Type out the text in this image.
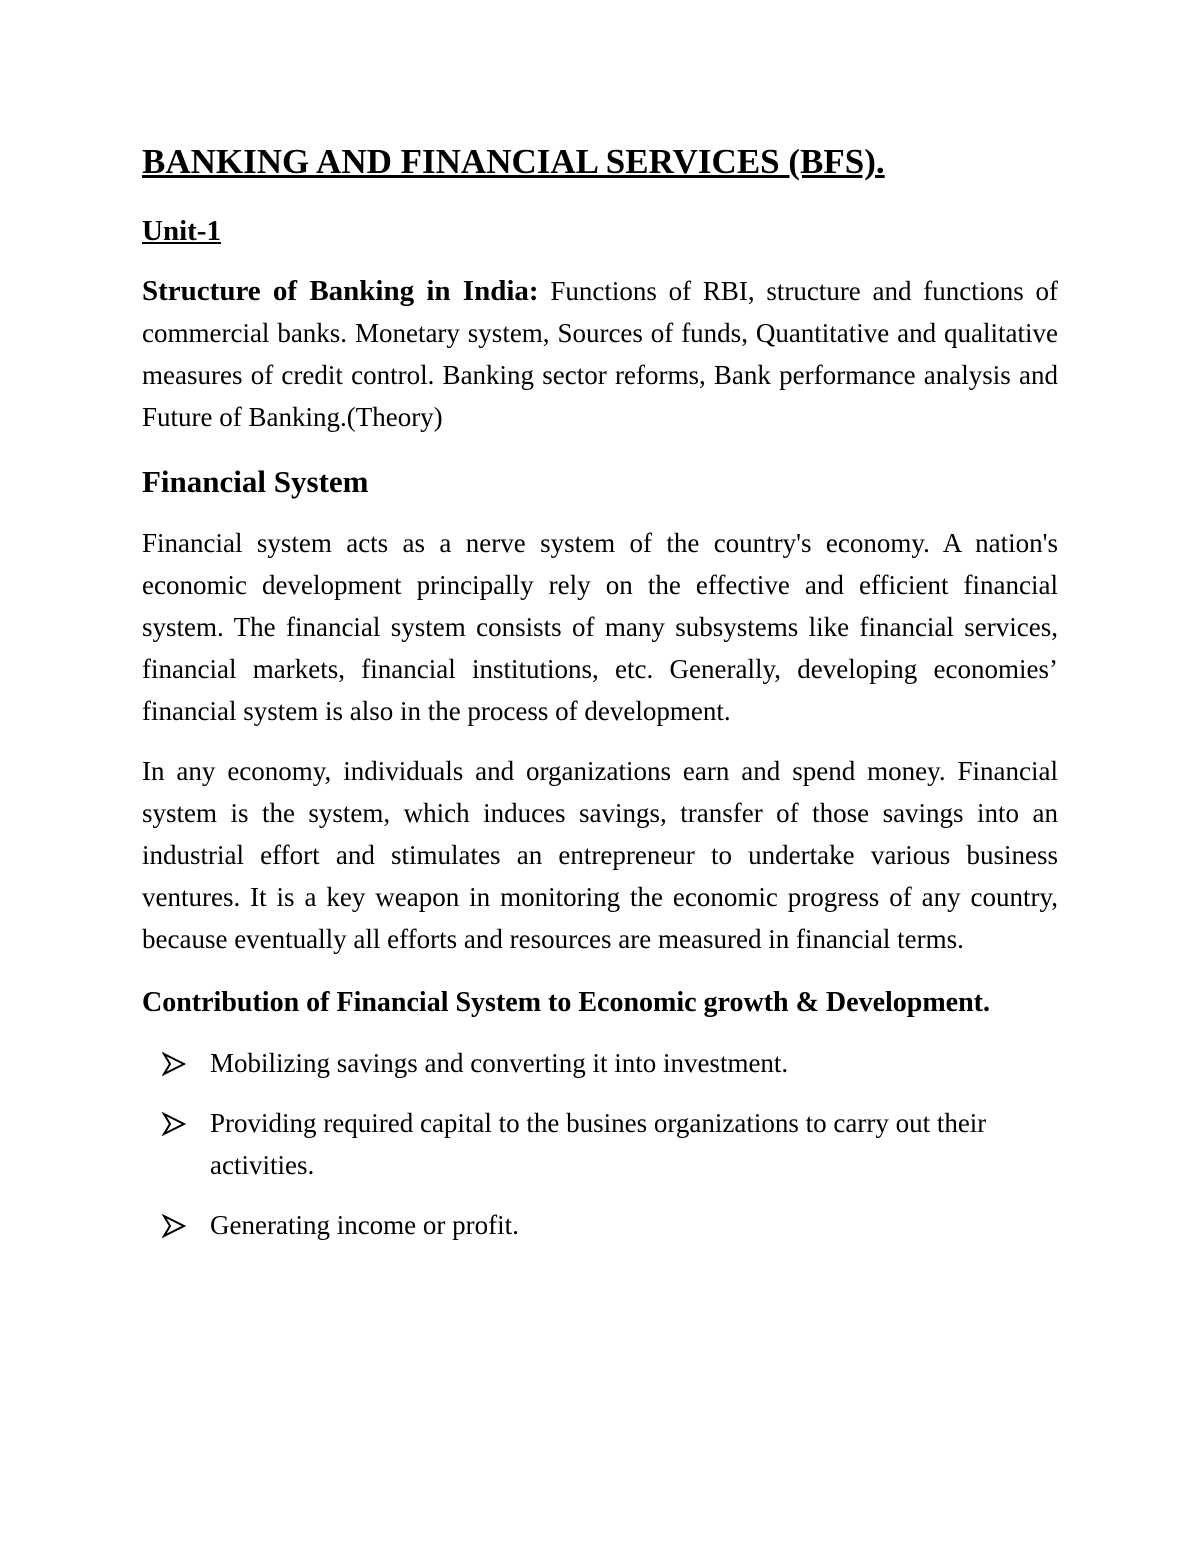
BANKING AND FINANCIAL SERVICES (BFS).
Unit-1

Structure of Banking in India: Functions of RBI, structure and functions of commercial banks. Monetary system, Sources of funds, Quantitative and qualitative measures of credit control. Banking sector reforms, Bank performance analysis and Future of Banking.(Theory)

Financial System

Financial system acts as a nerve system of the country's economy. A nation's economic development principally rely on the effective and efficient financial system. The financial system consists of many subsystems like financial services, financial markets, financial institutions, etc. Generally, developing economies’ financial system is also in the process of development.

In any economy, individuals and organizations earn and spend money. Financial system is the system, which induces savings, transfer of those savings into an industrial effort and stimulates an entrepreneur to undertake various business ventures. It is a key weapon in monitoring the economic progress of any country, because eventually all efforts and resources are measured in financial terms.

Contribution of Financial System to Economic growth & Development.
Mobilizing savings and converting it into investment.
Providing required capital to the busines organizations to carry out their activities.
Generating income or profit.
